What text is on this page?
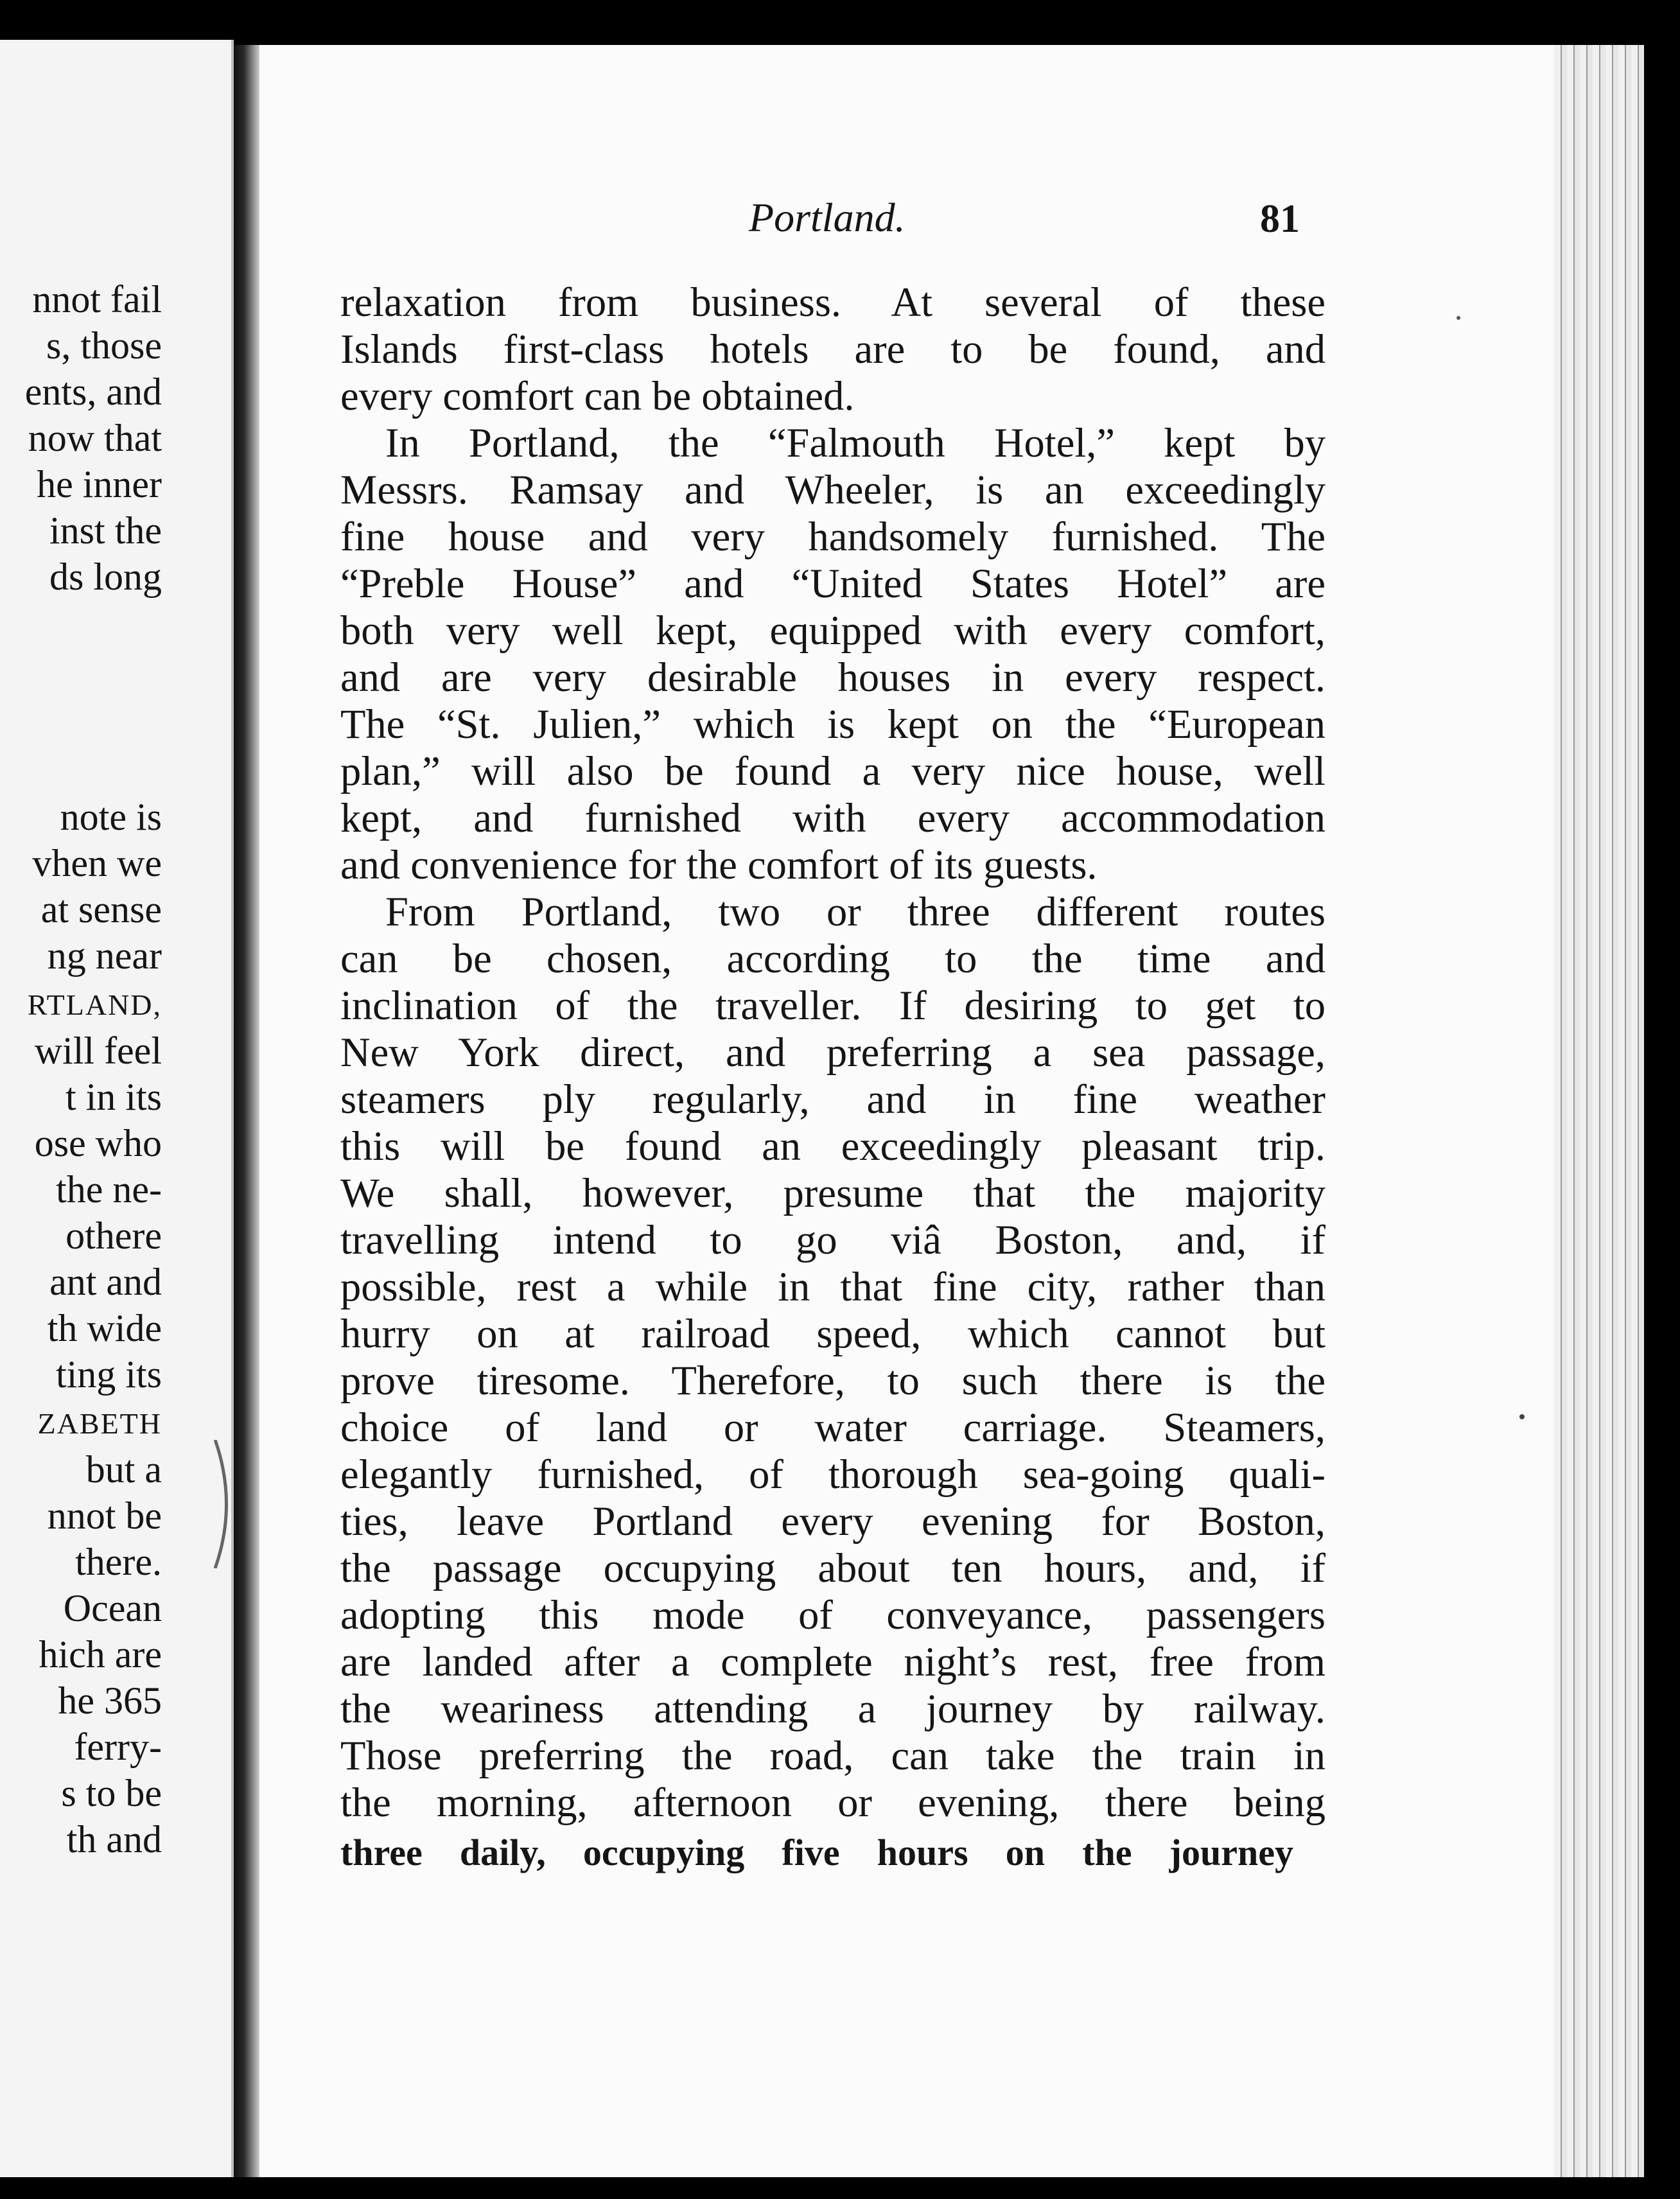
nnot fail
s, those
ents, and
now that
he inner
inst the
ds long
note is
vhen we
at sense
ng near
RTLAND,
will feel
t in its
ose who
the ne-
othere
ant and
th wide
ting its
ZABETH
but a
nnot be
there.
Ocean
hich are
he 365
ferry-
s to be
th and
Portland.	81
relaxation from business. At several of these
Islands first-class hotels are to be found, and
every comfort can be obtained.
In Portland, the “Falmouth Hotel,” kept by
Messrs. Ramsay and Wheeler, is an exceedingly
fine house and very handsomely furnished. The
“Preble House” and “United States Hotel” are
both very well kept, equipped with every comfort,
and are very desirable houses in every respect.
The “St. Julien,” which is kept on the “European
plan,” will also be found a very nice house, well
kept, and furnished with every accommodation
and convenience for the comfort of its guests.
From Portland, two or three different routes
can be chosen, according to the time and
inclination of the traveller. If desiring to get to
New York direct, and preferring a sea passage,
steamers ply regularly, and in fine weather
this will be found an exceedingly pleasant trip.
We shall, however, presume that the majority
travelling intend to go viâ Boston, and, if
possible, rest a while in that fine city, rather than
hurry on at railroad speed, which cannot but
prove tiresome. Therefore, to such there is the
choice of land or water carriage. Steamers,
elegantly furnished, of thorough sea-going quali-
ties, leave Portland every evening for Boston,
the passage occupying about ten hours, and, if
adopting this mode of conveyance, passengers
are landed after a complete night’s rest, free from
the weariness attending a journey by railway.
Those preferring the road, can take the train in
the morning, afternoon or evening, there being
three daily, occupying five hours on the journey
